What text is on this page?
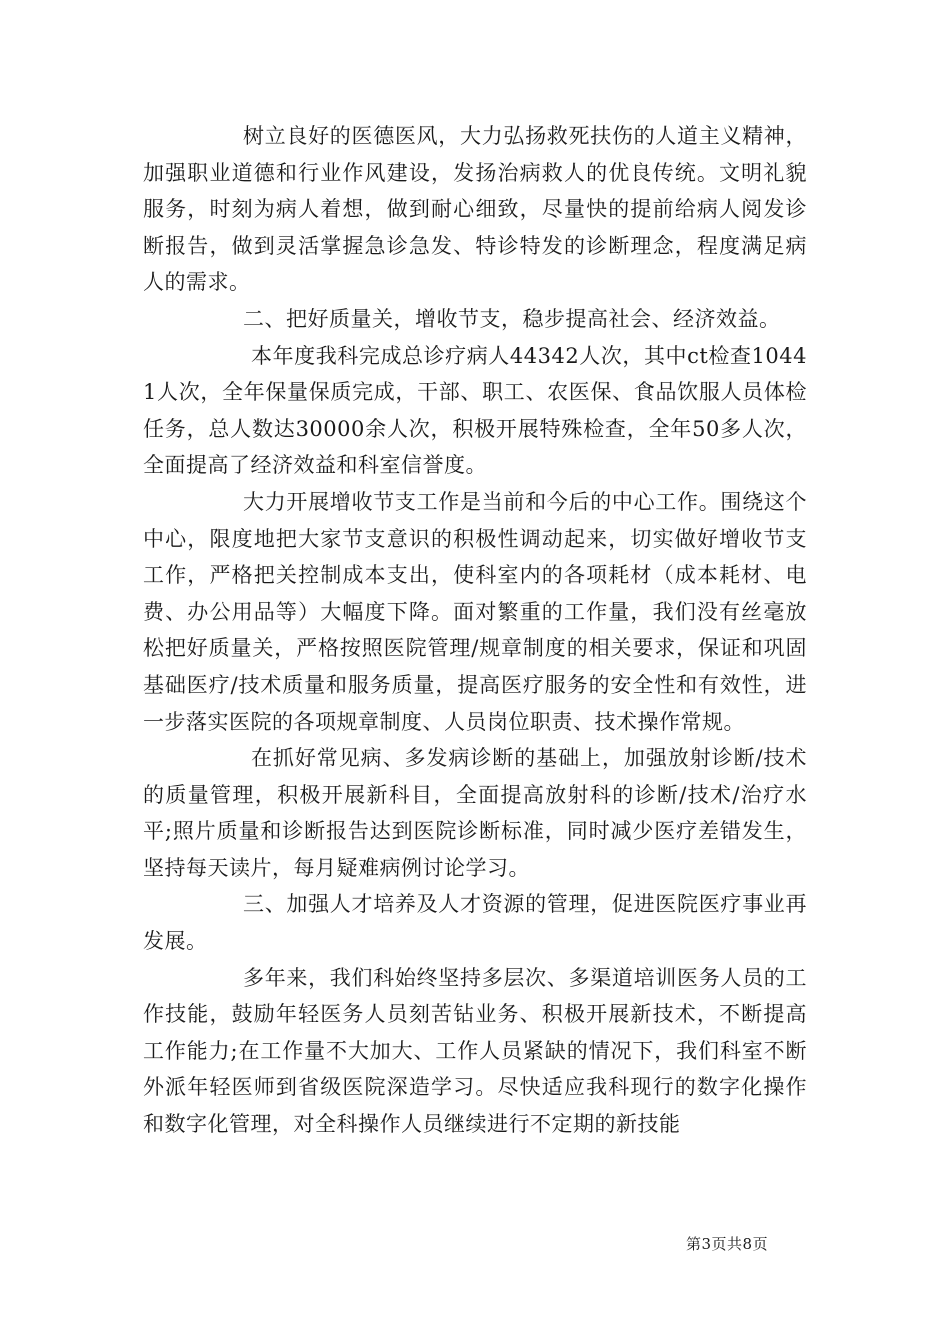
树立良好的医德医风，大力弘扬救死扶伤的人道主义精神，加强职业道德和行业作风建设，发扬治病救人的优良传统。文明礼貌服务，时刻为病人着想，做到耐心细致，尽量快的提前给病人阅发诊断报告，做到灵活掌握急诊急发、特诊特发的诊断理念，程度满足病人的需求。

二、把好质量关，增收节支，稳步提高社会、经济效益。

本年度我科完成总诊疗病人44342人次，其中ct检查10441人次，全年保量保质完成，干部、职工、农医保、食品饮服人员体检任务，总人数达30000余人次，积极开展特殊检查，全年50多人次，全面提高了经济效益和科室信誉度。

大力开展增收节支工作是当前和今后的中心工作。围绕这个中心，限度地把大家节支意识的积极性调动起来，切实做好增收节支工作，严格把关控制成本支出，使科室内的各项耗材（成本耗材、电费、办公用品等）大幅度下降。面对繁重的工作量，我们没有丝毫放松把好质量关，严格按照医院管理/规章制度的相关要求，保证和巩固基础医疗/技术质量和服务质量，提高医疗服务的安全性和有效性，进一步落实医院的各项规章制度、人员岗位职责、技术操作常规。

在抓好常见病、多发病诊断的基础上，加强放射诊断/技术的质量管理，积极开展新科目，全面提高放射科的诊断/技术/治疗水平;照片质量和诊断报告达到医院诊断标准，同时减少医疗差错发生，坚持每天读片，每月疑难病例讨论学习。

三、加强人才培养及人才资源的管理，促进医院医疗事业再发展。

多年来，我们科始终坚持多层次、多渠道培训医务人员的工作技能，鼓励年轻医务人员刻苦钻业务、积极开展新技术，不断提高工作能力;在工作量不大加大、工作人员紧缺的情况下，我们科室不断外派年轻医师到省级医院深造学习。尽快适应我科现行的数字化操作和数字化管理，对全科操作人员继续进行不定期的新技能

第3页共8页
